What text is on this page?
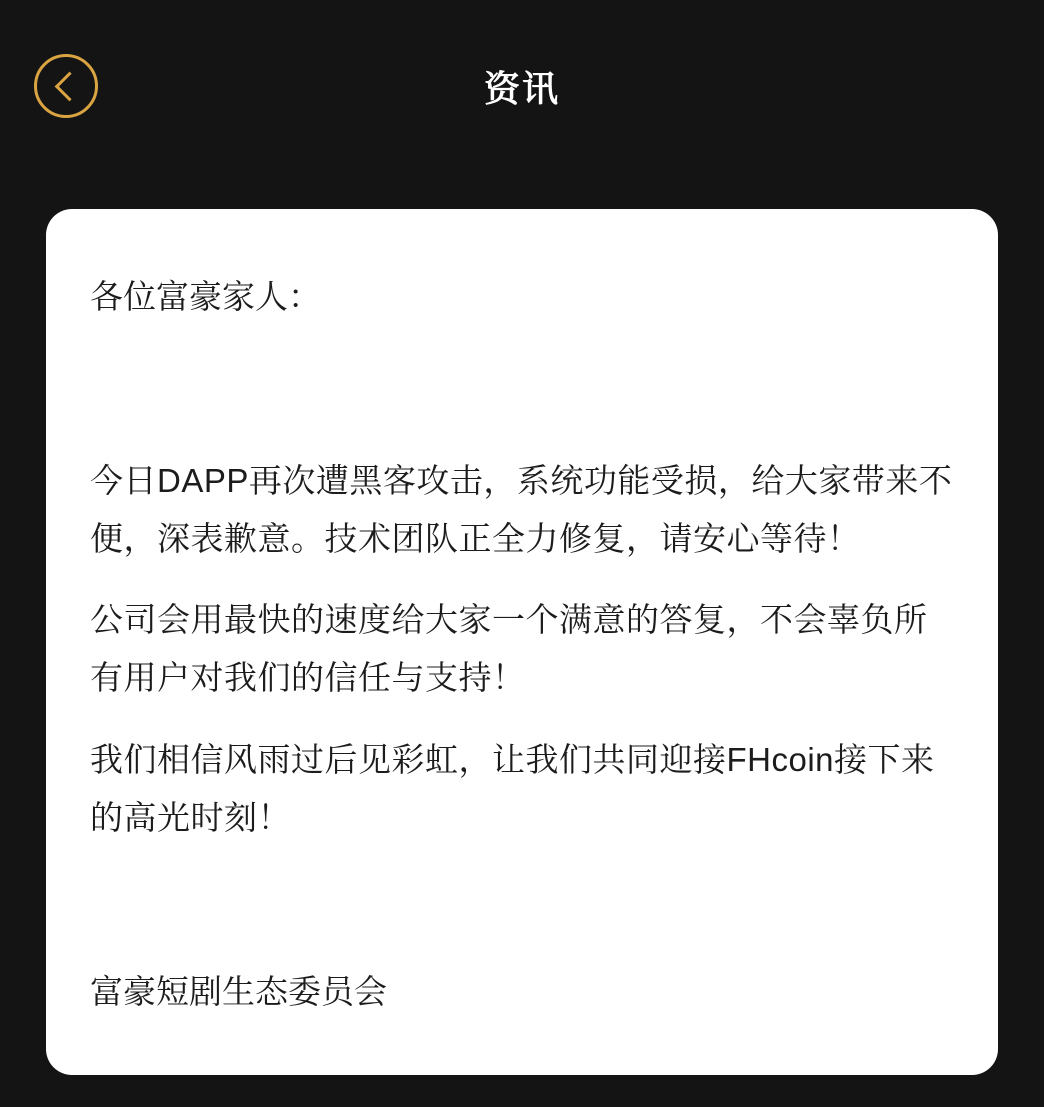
资讯

各位富豪家人：

今日DAPP再次遭黑客攻击，系统功能受损，给大家带来不便，深表歉意。技术团队正全力修复，请安心等待！

公司会用最快的速度给大家一个满意的答复，不会辜负所有用户对我们的信任与支持！

我们相信风雨过后见彩虹，让我们共同迎接FHcoin接下来的高光时刻！

富豪短剧生态委员会
